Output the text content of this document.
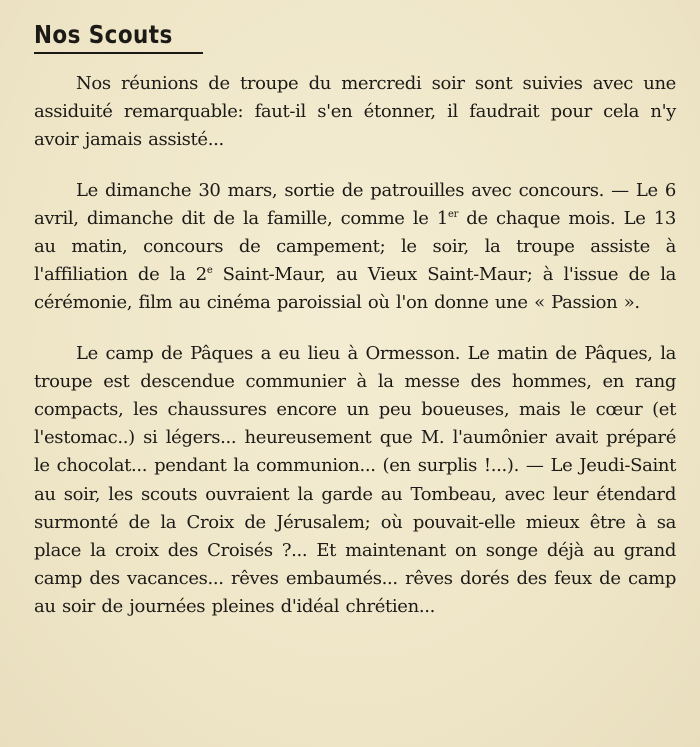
Nos Scouts

Nos réunions de troupe du mercredi soir sont suivies avec une assiduité remarquable: faut-il s'en étonner, il faudrait pour cela n'y avoir jamais assisté...

Le dimanche 30 mars, sortie de patrouilles avec concours. — Le 6 avril, dimanche dit de la famille, comme le 1er de chaque mois. Le 13 au matin, concours de campement; le soir, la troupe assiste à l'affiliation de la 2e Saint-Maur, au Vieux Saint-Maur; à l'issue de la cérémonie, film au cinéma paroissial où l'on donne une « Passion ».

Le camp de Pâques a eu lieu à Ormesson. Le matin de Pâques, la troupe est descendue communier à la messe des hommes, en rang compacts, les chaussures encore un peu boueuses, mais le cœur (et l'estomac..) si légers... heureusement que M. l'aumônier avait préparé le chocolat... pendant la communion... (en surplis !...). — Le Jeudi-Saint au soir, les scouts ouvraient la garde au Tombeau, avec leur étendard surmonté de la Croix de Jérusalem; où pouvait-elle mieux être à sa place la croix des Croisés ?... Et maintenant on songe déjà au grand camp des vacances... rêves embaumés... rêves dorés des feux de camp au soir de journées pleines d'idéal chrétien...
